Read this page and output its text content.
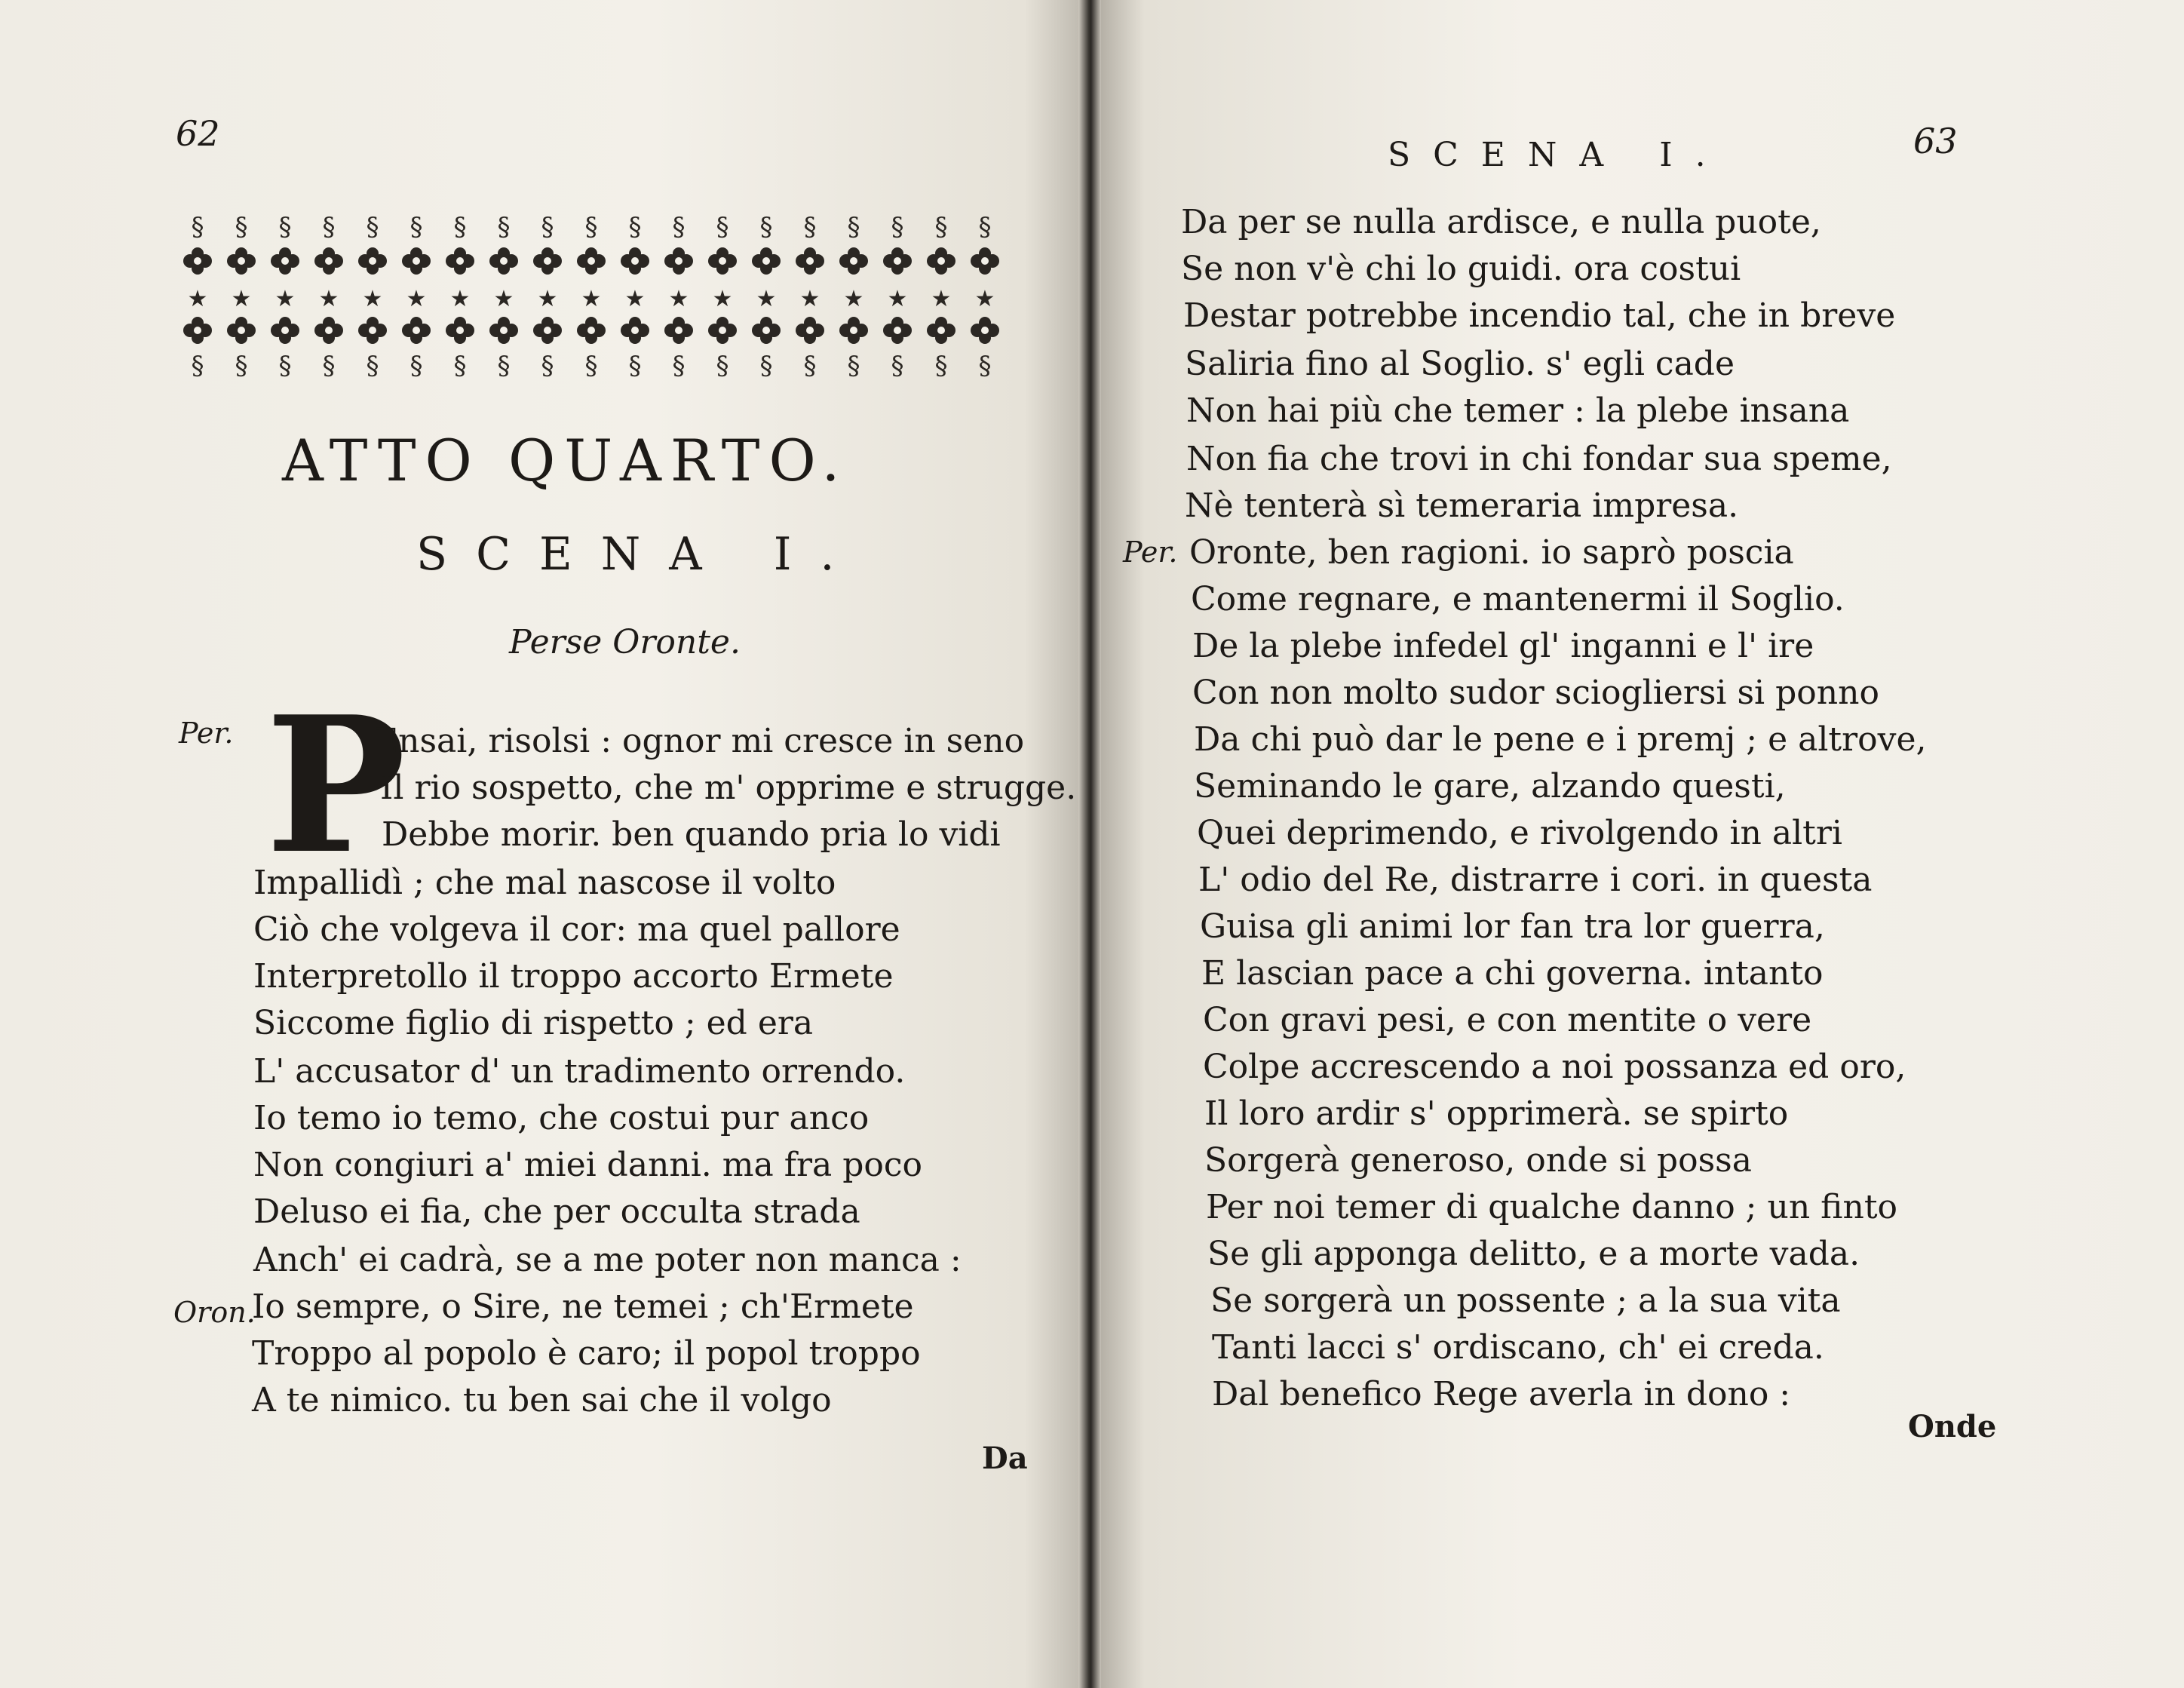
62
§ § § § § § § § § § § § § § § § § § §
★ ★ ★ ★ ★ ★ ★ ★ ★ ★ ★ ★ ★ ★ ★ ★ ★ ★ ★
§ § § § § § § § § § § § § § § § § § §
ATTO QUARTO.
SCENA I.
Perse Oronte.
Per. P
Oron.
Ensai, risolsi : ognor mi cresce in seno
Il rio sospetto, che m' opprime e strugge.
Debbe morir. ben quando pria lo vidi
Impallidì ; che mal nascose il volto
Ciò che volgeva il cor: ma quel pallore
Interpretollo il troppo accorto Ermete
Siccome figlio di rispetto ; ed era
L' accusator d' un tradimento orrendo.
Io temo io temo, che costui pur anco
Non congiuri a' miei danni. ma fra poco
Deluso ei fia, che per occulta strada
Anch' ei cadrà, se a me poter non manca :
Io sempre, o Sire, ne temei ; ch'Ermete
Troppo al popolo è caro; il popol troppo
A te nimico. tu ben sai che il volgo
Da
SCENA I.	63
Per.
Da per se nulla ardisce, e nulla puote,
Se non v'è chi lo guidi. ora costui
Destar potrebbe incendio tal, che in breve
Saliria fino al Soglio. s' egli cade
Non hai più che temer : la plebe insana
Non fia che trovi in chi fondar sua speme,
Nè tenterà sì temeraria impresa.
Oronte, ben ragioni. io saprò poscia
Come regnare, e mantenermi il Soglio.
De la plebe infedel gl' inganni e l' ire
Con non molto sudor sciogliersi si ponno
Da chi può dar le pene e i premj ; e altrove,
Seminando le gare, alzando questi,
Quei deprimendo, e rivolgendo in altri
L' odio del Re, distrarre i cori. in questa
Guisa gli animi lor fan tra lor guerra,
E lascian pace a chi governa. intanto
Con gravi pesi, e con mentite o vere
Colpe accrescendo a noi possanza ed oro,
Il loro ardir s' opprimerà. se spirto
Sorgerà generoso, onde si possa
Per noi temer di qualche danno ; un finto
Se gli apponga delitto, e a morte vada.
Se sorgerà un possente ; a la sua vita
Tanti lacci s' ordiscano, ch' ei creda.
Dal benefico Rege averla in dono :
Onde
